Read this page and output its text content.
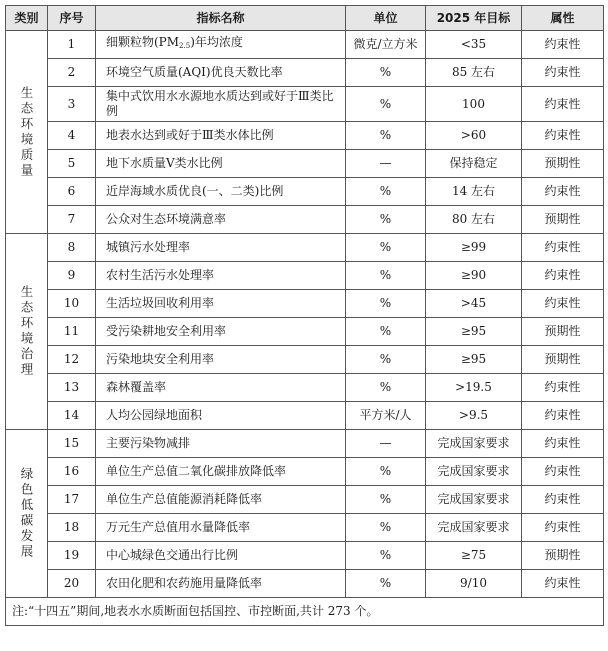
类别	序号	指标名称	单位	2025 年目标	属性
生态环境质量	1	细颗粒物$(PM_{2.5})$年均浓度	微克/立方米	<35	约束性
	2	环境空气质量(AQI)优良天数比率	%	85 左右	约束性
	3	集中式饮用水水源地水质达到或好于Ⅲ类比例	%	100	约束性
	4	地表水达到或好于Ⅲ类水体比例	%	>60	约束性
	5	地下水质量Ⅴ类水比例	—	保持稳定	预期性
	6	近岸海域水质优良(一、二类)比例	%	14 左右	约束性
	7	公众对生态环境满意率	%	80 左右	预期性
生态环境治理	8	城镇污水处理率	%	≥99	约束性
	9	农村生活污水处理率	%	≥90	约束性
	10	生活垃圾回收利用率	%	>45	约束性
	11	受污染耕地安全利用率	%	≥95	预期性
	12	污染地块安全利用率	%	≥95	预期性
	13	森林覆盖率	%	>19.5	约束性
	14	人均公园绿地面积	平方米/人	>9.5	约束性
绿色低碳发展	15	主要污染物减排	—	完成国家要求	约束性
	16	单位生产总值二氧化碳排放降低率	%	完成国家要求	约束性
	17	单位生产总值能源消耗降低率	%	完成国家要求	约束性
	18	万元生产总值用水量降低率	%	完成国家要求	约束性
	19	中心城绿色交通出行比例	%	≥75	预期性
	20	农田化肥和农药施用量降低率	%	9/10	约束性
注:“十四五”期间,地表水水质断面包括国控、市控断面,共计 273 个。					
